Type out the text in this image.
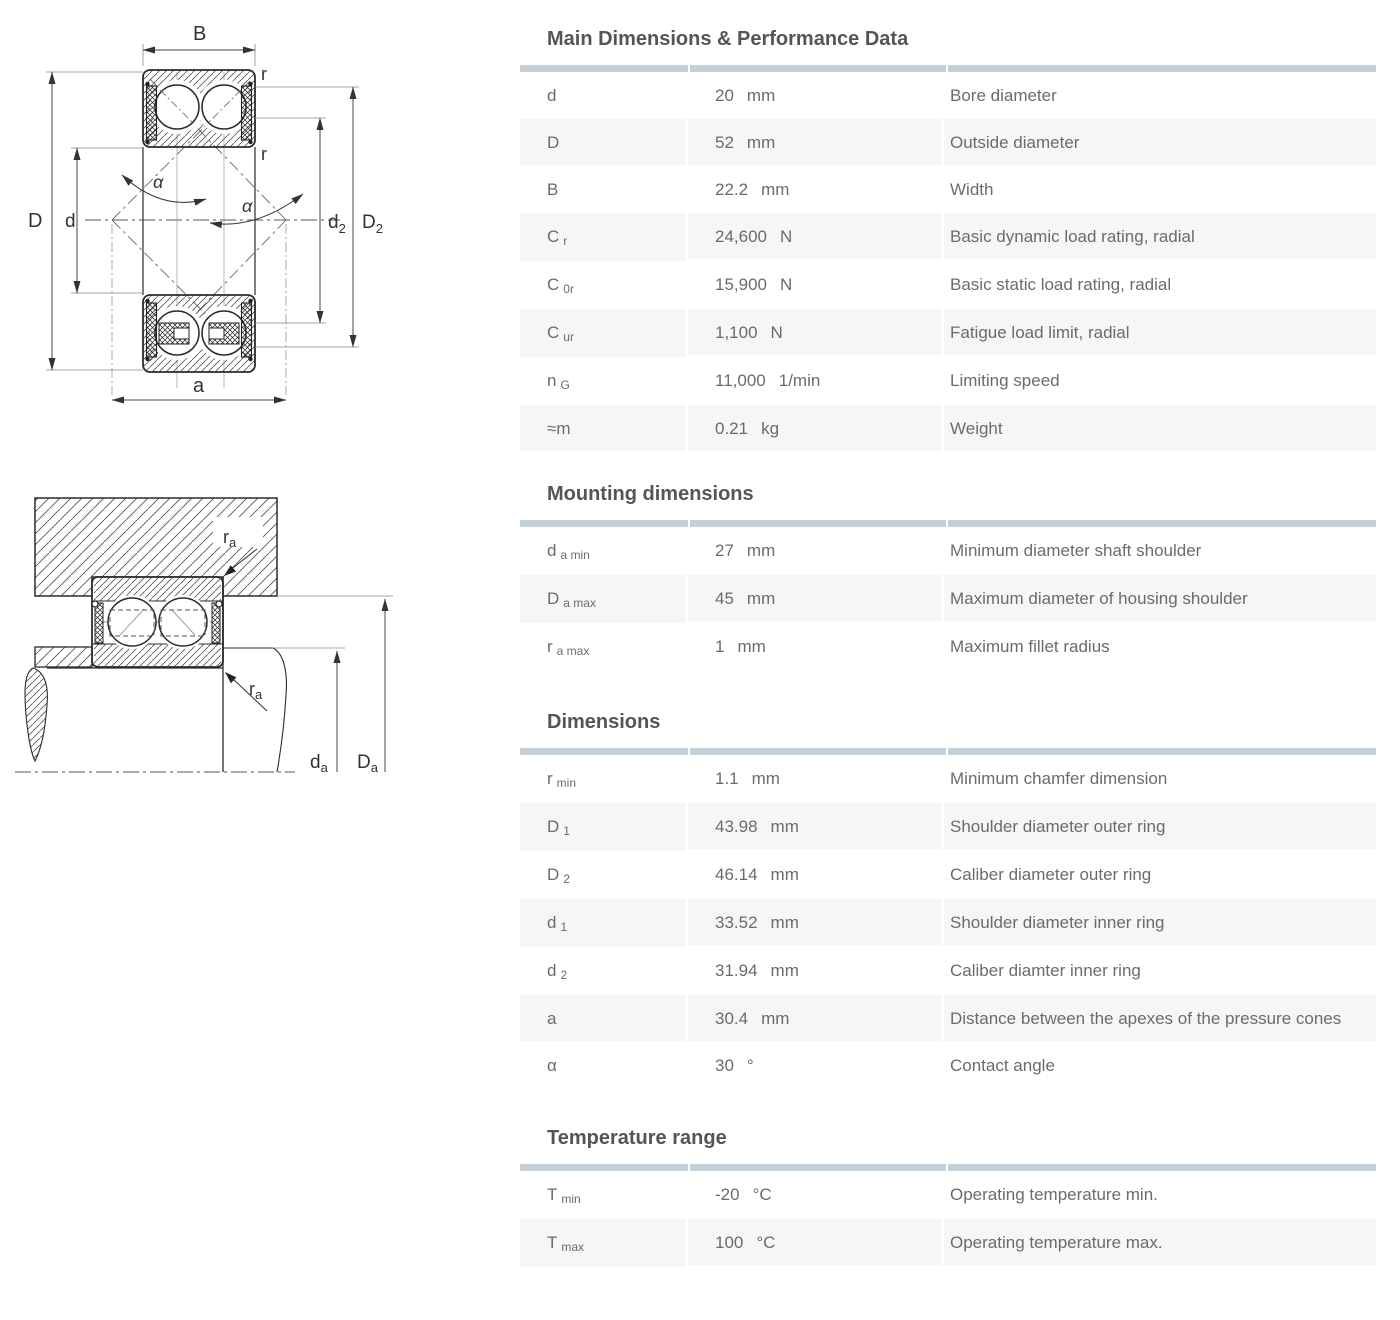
B
r
r
D d	$d_2$ $D_2$
a
α
α
$d_a$ $D_a$
$r_a$
$r_a$
Main Dimensions & Performance Data
d	20 mm	Bore diameter
D	52 mm	Outside diameter
B	22.2 mm	Width
C r	24,600 N	Basic dynamic load rating, radial
C 0r	15,900 N	Basic static load rating, radial
C ur	1,100 N	Fatigue load limit, radial
n G	11,000 1/min	Limiting speed
≈m	0.21 kg	Weight
Mounting dimensions
d a min	27 mm	Minimum diameter shaft shoulder
D a max	45 mm	Maximum diameter of housing shoulder
r a max	1 mm	Maximum fillet radius
Dimensions
r min	1.1 mm	Minimum chamfer dimension
D 1	43.98 mm	Shoulder diameter outer ring
D 2	46.14 mm	Caliber diameter outer ring
d 1	33.52 mm	Shoulder diameter inner ring
d 2	31.94 mm	Caliber diamter inner ring
a	30.4 mm	Distance between the apexes of the pressure cones
α	30 °	Contact angle
Temperature range
T min	-20 °C	Operating temperature min.
T max	100 °C	Operating temperature max.
